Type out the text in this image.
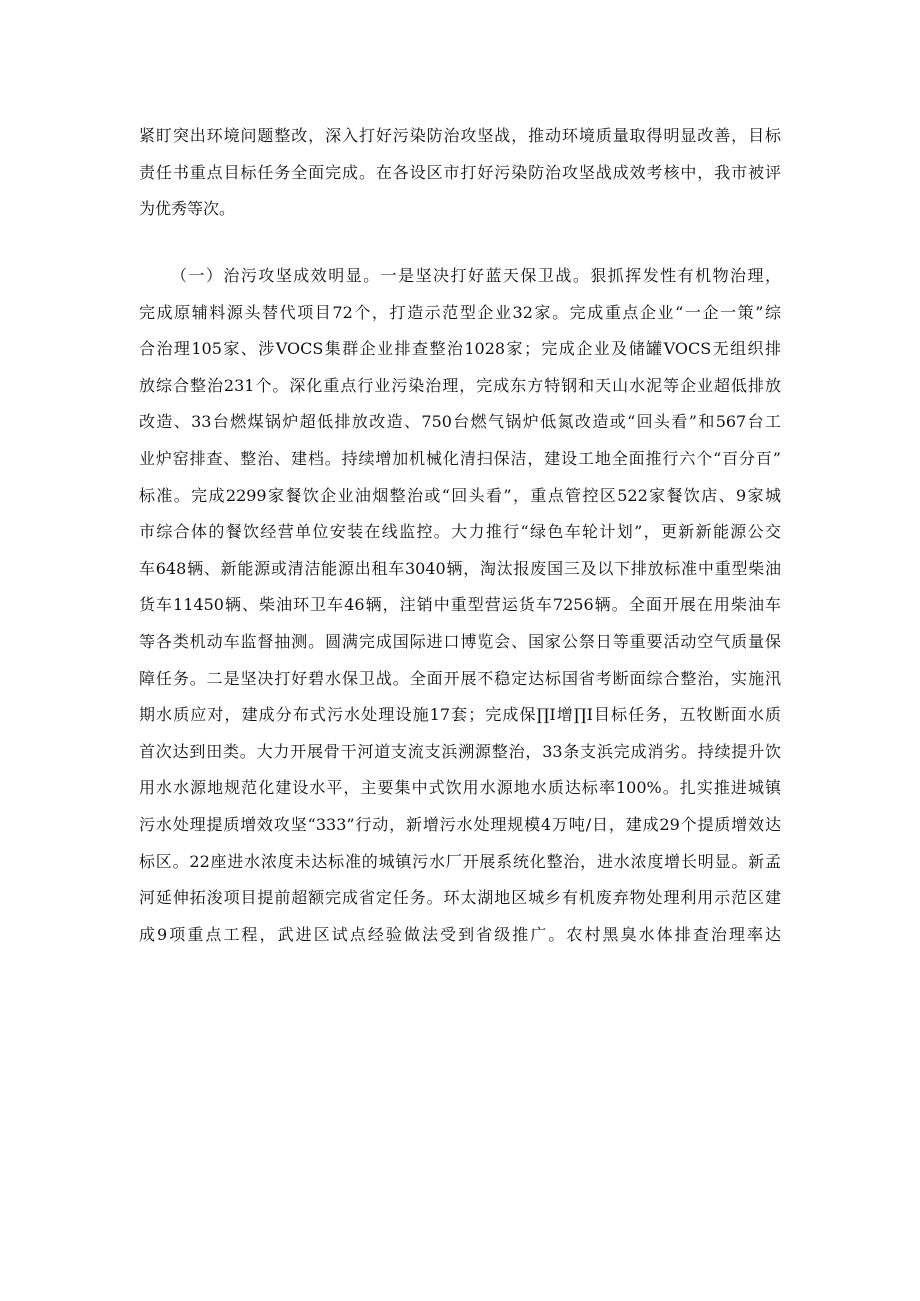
紧盯突出环境问题整改，深入打好污染防治攻坚战，推动环境质量取得明显改善，目标
责任书重点目标任务全面完成。在各设区市打好污染防治攻坚战成效考核中，我市被评
为优秀等次。
（一）治污攻坚成效明显。一是坚决打好蓝天保卫战。狠抓挥发性有机物治理，
完成原辅料源头替代项目72个，打造示范型企业32家。完成重点企业“一企一策”综
合治理105家、涉VOCS集群企业排查整治1028家；完成企业及储罐VOCS无组织排
放综合整治231个。深化重点行业污染治理，完成东方特钢和天山水泥等企业超低排放
改造、33台燃煤锅炉超低排放改造、750台燃气锅炉低氮改造或“回头看”和567台工
业炉窑排查、整治、建档。持续增加机械化清扫保洁，建设工地全面推行六个“百分百”
标准。完成2299家餐饮企业油烟整治或“回头看”，重点管控区522家餐饮店、9家城
市综合体的餐饮经营单位安装在线监控。大力推行“绿色车轮计划”，更新新能源公交
车648辆、新能源或清洁能源出租车3040辆，淘汰报废国三及以下排放标准中重型柴油
货车11450辆、柴油环卫车46辆，注销中重型营运货车7256辆。全面开展在用柴油车
等各类机动车监督抽测。圆满完成国际进口博览会、国家公祭日等重要活动空气质量保
障任务。二是坚决打好碧水保卫战。全面开展不稳定达标国省考断面综合整治，实施汛
期水质应对，建成分布式污水处理设施17套；完成保∏I增∏I目标任务，五牧断面水质
首次达到田类。大力开展骨干河道支流支浜溯源整治，33条支浜完成消劣。持续提升饮
用水水源地规范化建设水平，主要集中式饮用水源地水质达标率100%。扎实推进城镇
污水处理提质增效攻坚“333”行动，新增污水处理规模4万吨/日，建成29个提质增效达
标区。22座进水浓度未达标准的城镇污水厂开展系统化整治，进水浓度增长明显。新孟
河延伸拓浚项目提前超额完成省定任务。环太湖地区城乡有机废弃物处理利用示范区建
成9项重点工程，武进区试点经验做法受到省级推广。农村黑臭水体排查治理率达
